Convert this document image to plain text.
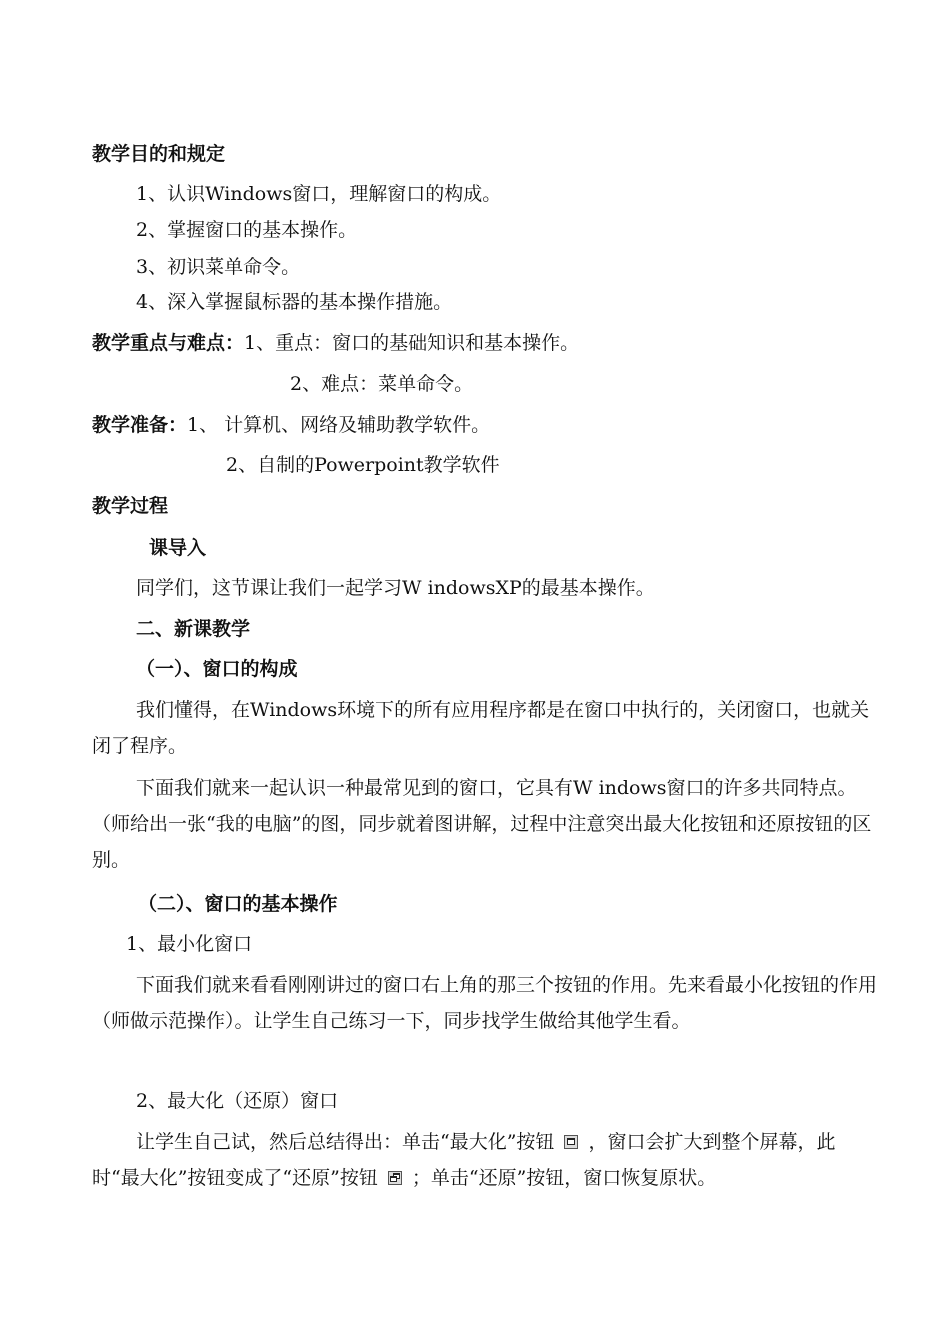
教学目的和规定
1、认识Windows窗口，理解窗口的构成。
2、掌握窗口的基本操作。
3、初识菜单命令。
4、深入掌握鼠标器的基本操作措施。
教学重点与难点：1、重点：窗口的基础知识和基本操作。
2、难点：菜单命令。
教学准备：1、 计算机、网络及辅助教学软件。
2、自制的Powerpoint教学软件
教学过程
课导入
同学们，这节课让我们一起学习W indowsXP的最基本操作。
二、新课教学
（一）、窗口的构成
我们懂得，在Windows环境下的所有应用程序都是在窗口中执行的，关闭窗口，也就关闭了程序。
下面我们就来一起认识一种最常见到的窗口，它具有W indows窗口的许多共同特点。（师给出一张“我的电脑”的图，同步就着图讲解，过程中注意突出最大化按钮和还原按钮的区别。
（二）、窗口的基本操作
1、最小化窗口
下面我们就来看看刚刚讲过的窗口右上角的那三个按钮的作用。先来看最小化按钮的作用（师做示范操作）。让学生自己练习一下，同步找学生做给其他学生看。
2、最大化（还原）窗口
让学生自己试，然后总结得出：单击“最大化”按钮 ，窗口会扩大到整个屏幕，此时“最大化”按钮变成了“还原”按钮 ；单击“还原”按钮，窗口恢复原状。
